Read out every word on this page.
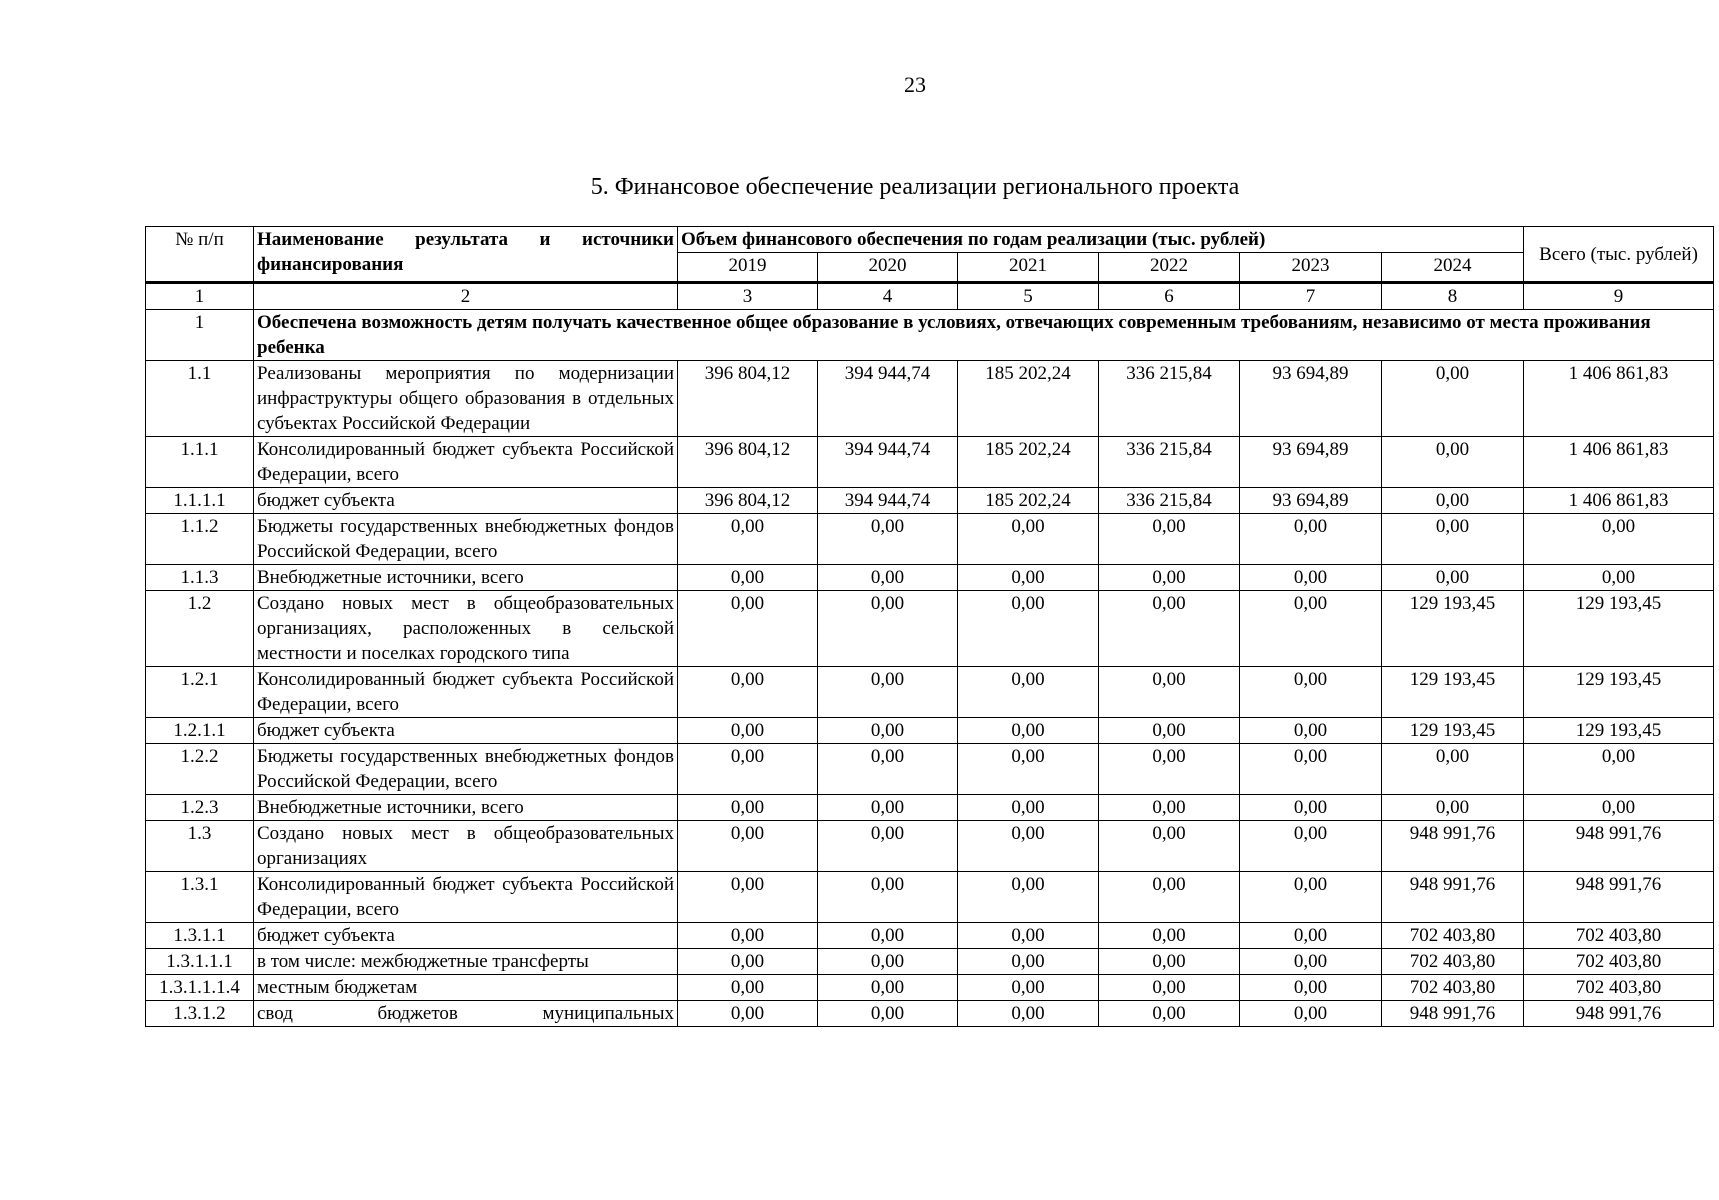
23
5. Финансовое обеспечение реализации регионального проекта
№ п/п	Наименование результата и источники финансирования	Объем финансового обеспечения по годам реализации (тыс. рублей)						Всего (тыс. рублей)
		2019	2020	2021	2022	2023	2024	
1	2	3	4	5	6	7	8	9
1	Обеспечена возможность детям получать качественное общее образование в условиях, отвечающих современным требованиям, независимо от места проживания ребенка							
1.1	Реализованы мероприятия по модернизации инфраструктуры общего образования в отдельных субъектах Российской Федерации	396 804,12	394 944,74	185 202,24	336 215,84	93 694,89	0,00	1 406 861,83
1.1.1	Консолидированный бюджет субъекта Российской Федерации, всего	396 804,12	394 944,74	185 202,24	336 215,84	93 694,89	0,00	1 406 861,83
1.1.1.1	бюджет субъекта	396 804,12	394 944,74	185 202,24	336 215,84	93 694,89	0,00	1 406 861,83
1.1.2	Бюджеты государственных внебюджетных фондов Российской Федерации, всего	0,00	0,00	0,00	0,00	0,00	0,00	0,00
1.1.3	Внебюджетные источники, всего	0,00	0,00	0,00	0,00	0,00	0,00	0,00
1.2	Создано новых мест в общеобразовательных организациях, расположенных в сельской местности и поселках городского типа	0,00	0,00	0,00	0,00	0,00	129 193,45	129 193,45
1.2.1	Консолидированный бюджет субъекта Российской Федерации, всего	0,00	0,00	0,00	0,00	0,00	129 193,45	129 193,45
1.2.1.1	бюджет субъекта	0,00	0,00	0,00	0,00	0,00	129 193,45	129 193,45
1.2.2	Бюджеты государственных внебюджетных фондов Российской Федерации, всего	0,00	0,00	0,00	0,00	0,00	0,00	0,00
1.2.3	Внебюджетные источники, всего	0,00	0,00	0,00	0,00	0,00	0,00	0,00
1.3	Создано новых мест в общеобразовательных организациях	0,00	0,00	0,00	0,00	0,00	948 991,76	948 991,76
1.3.1	Консолидированный бюджет субъекта Российской Федерации, всего	0,00	0,00	0,00	0,00	0,00	948 991,76	948 991,76
1.3.1.1	бюджет субъекта	0,00	0,00	0,00	0,00	0,00	702 403,80	702 403,80
1.3.1.1.1	в том числе: межбюджетные трансферты	0,00	0,00	0,00	0,00	0,00	702 403,80	702 403,80
1.3.1.1.1.4	местным бюджетам	0,00	0,00	0,00	0,00	0,00	702 403,80	702 403,80
1.3.1.2	свод бюджетов муниципальных	0,00	0,00	0,00	0,00	0,00	948 991,76	948 991,76
